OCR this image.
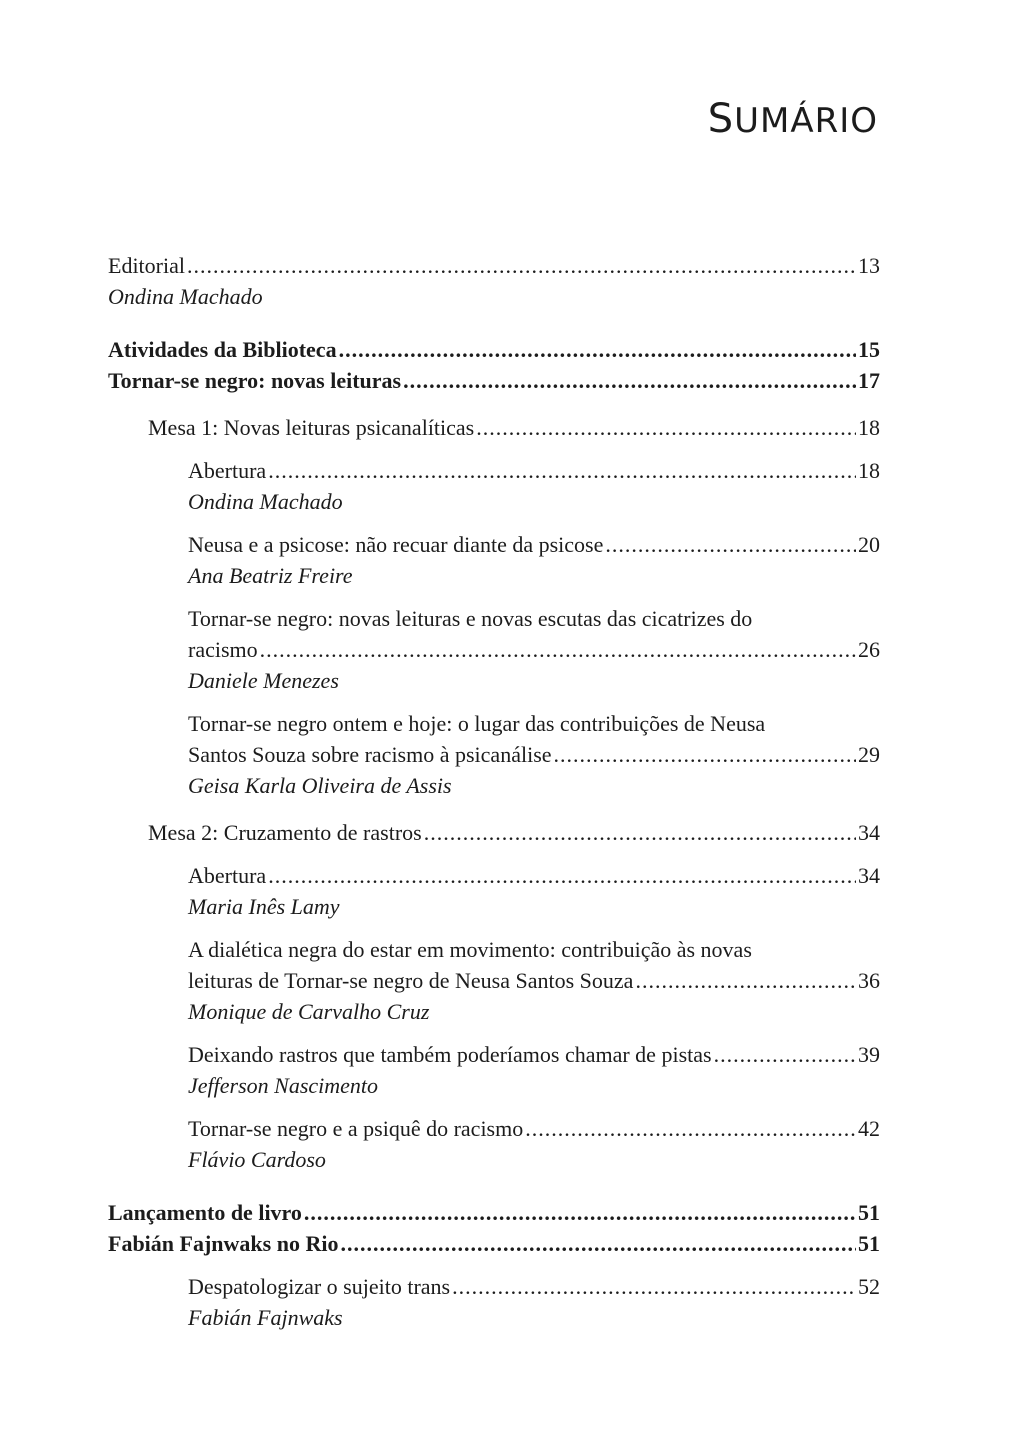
SUMÁRIO
Editorial .....	13
Ondina Machado
Atividades da Biblioteca .....	15
Tornar-se negro: novas leituras .....	17
Mesa 1: Novas leituras psicanalíticas .....	18
Abertura .....	18
Ondina Machado
Neusa e a psicose: não recuar diante da psicose .....	20
Ana Beatriz Freire
Tornar-se negro: novas leituras e novas escutas das cicatrizes do
racismo .....	26
Daniele Menezes
Tornar-se negro ontem e hoje: o lugar das contribuições de Neusa
Santos Souza sobre racismo à psicanálise .....	29
Geisa Karla Oliveira de Assis
Mesa 2: Cruzamento de rastros .....	34
Abertura .....	34
Maria Inês Lamy
A dialética negra do estar em movimento: contribuição às novas
leituras de Tornar-se negro de Neusa Santos Souza .....	36
Monique de Carvalho Cruz
Deixando rastros que também poderíamos chamar de pistas .....	39
Jefferson Nascimento
Tornar-se negro e a psiquê do racismo .....	42
Flávio Cardoso
Lançamento de livro .....	51
Fabián Fajnwaks no Rio .....	51
Despatologizar o sujeito trans .....	52
Fabián Fajnwaks
